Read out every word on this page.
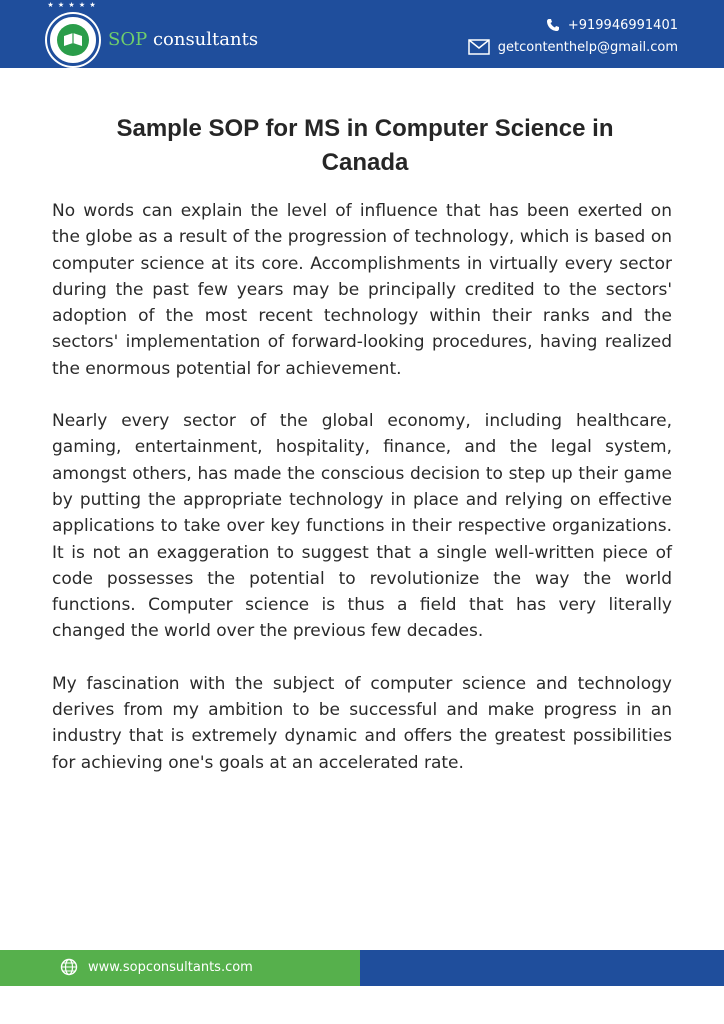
★ ★ ★ ★ ★
SOP consultants
+919946991401
getcontenthelp@gmail.com
Sample SOP for MS in Computer Science in Canada

No words can explain the level of influence that has been exerted on the globe as a result of the progression of technology, which is based on computer science at its core. Accomplishments in virtually every sector during the past few years may be principally credited to the sectors' adoption of the most recent technology within their ranks and the sectors' implementation of forward-looking procedures, having realized the enormous potential for achievement.

Nearly every sector of the global economy, including healthcare, gaming, entertainment, hospitality, finance, and the legal system, amongst others, has made the conscious decision to step up their game by putting the appropriate technology in place and relying on effective applications to take over key functions in their respective organizations. It is not an exaggeration to suggest that a single well-written piece of code possesses the potential to revolutionize the way the world functions. Computer science is thus a field that has very literally changed the world over the previous few decades.

My fascination with the subject of computer science and technology derives from my ambition to be successful and make progress in an industry that is extremely dynamic and offers the greatest possibilities for achieving one's goals at an accelerated rate.

www.sopconsultants.com
